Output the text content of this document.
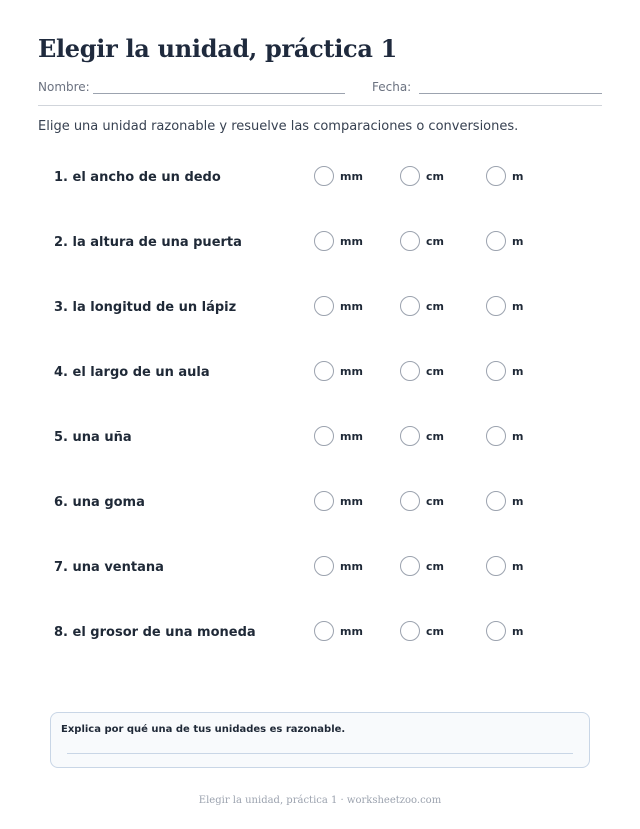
Elegir la unidad, práctica 1
Nombre:	Fecha:
Elige una unidad razonable y resuelve las comparaciones o conversiones.
1. el ancho de un dedo	mm	cm	m
2. la altura de una puerta	mm	cm	m
3. la longitud de un lápiz	mm	cm	m
4. el largo de un aula	mm	cm	m
5. una uña	mm	cm	m
6. una goma	mm	cm	m
7. una ventana	mm	cm	m
8. el grosor de una moneda	mm	cm	m
Explica por qué una de tus unidades es razonable.
Elegir la unidad, práctica 1 · worksheetzoo.com
